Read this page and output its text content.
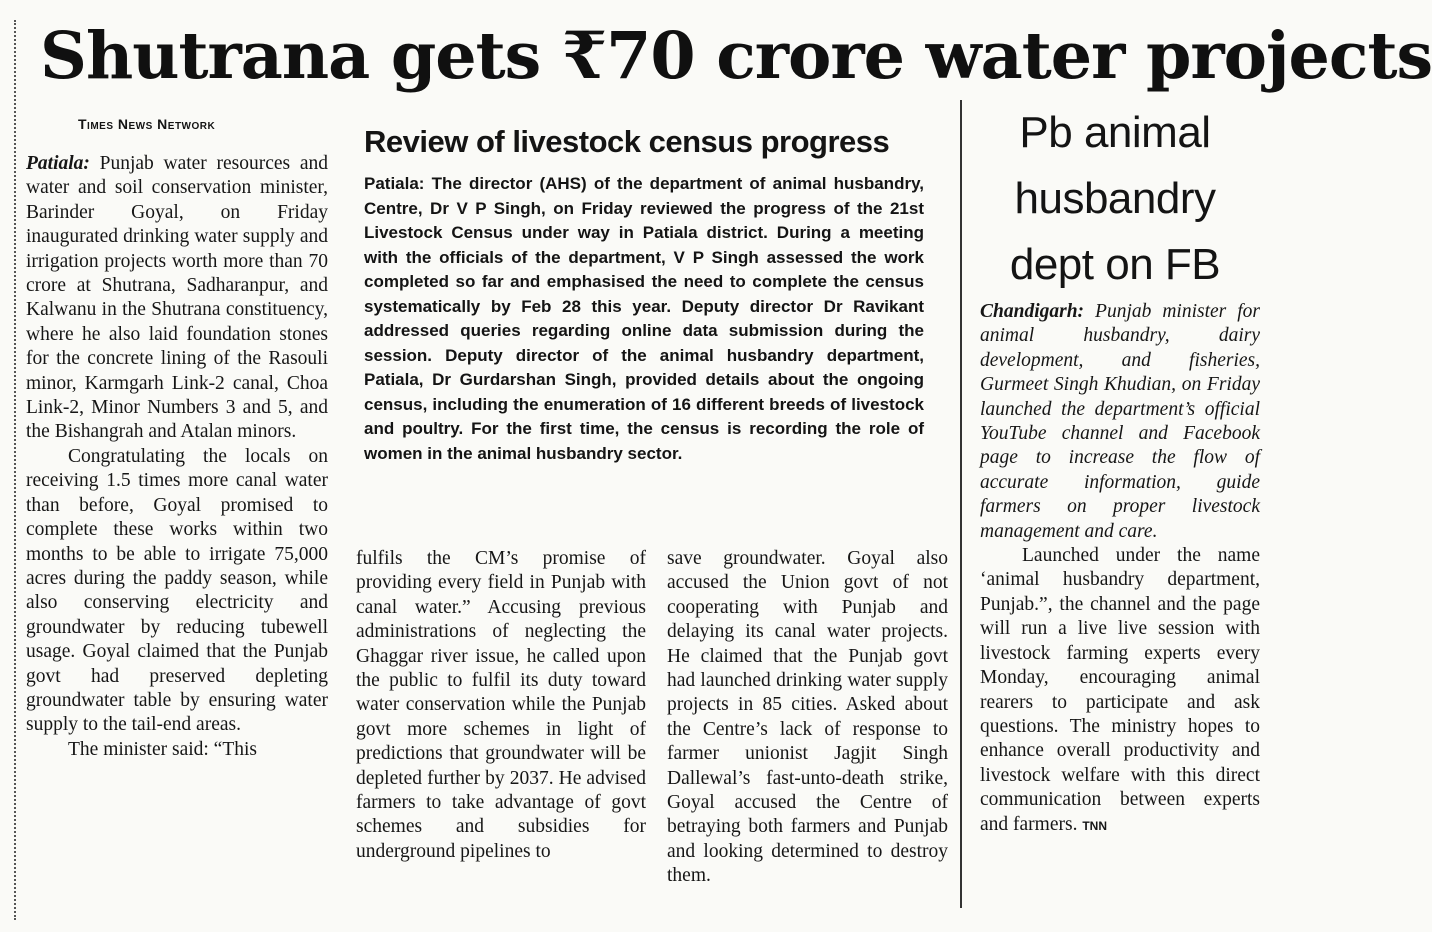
Shutrana gets ₹70 crore water projects
Times News Network

Patiala: Punjab water resources and water and soil conservation minister, Barinder Goyal, on Friday inaugurated drinking water supply and irrigation projects worth more than 70 crore at Shutrana, Sadharanpur, and Kalwanu in the Shutrana constituency, where he also laid foundation stones for the concrete lining of the Rasouli minor, Karmgarh Link-2 canal, Choa Link-2, Minor Numbers 3 and 5, and the Bishangrah and Atalan minors.

Congratulating the locals on receiving 1.5 times more canal water than before, Goyal promised to complete these works within two months to be able to irrigate 75,000 acres during the paddy season, while also conserving electricity and groundwater by reducing tubewell usage. Goyal claimed that the Punjab govt had preserved depleting groundwater table by ensuring water supply to the tail-end areas.

The minister said: “This

fulfils the CM’s promise of providing every field in Punjab with canal water.” Accusing previous administrations of neglecting the Ghaggar river issue, he called upon the public to fulfil its duty toward water conservation while the Punjab govt more schemes in light of predictions that groundwater will be depleted further by 2037. He advised farmers to take advantage of govt schemes and subsidies for underground pipelines to

save groundwater. Goyal also accused the Union govt of not cooperating with Punjab and delaying its canal water projects. He claimed that the Punjab govt had launched drinking water supply projects in 85 cities. Asked about the Centre’s lack of response to farmer unionist Jagjit Singh Dallewal’s fast-unto-death strike, Goyal accused the Centre of betraying both farmers and Punjab and looking determined to destroy them.

Review of livestock census progress
Patiala: The director (AHS) of the department of animal husbandry, Centre, Dr V P Singh, on Friday reviewed the progress of the 21st Livestock Census under way in Patiala district. During a meeting with the officials of the department, V P Singh assessed the work completed so far and emphasised the need to complete the census systematically by Feb 28 this year. Deputy director Dr Ravikant addressed queries regarding online data submission during the session. Deputy director of the animal husbandry department, Patiala, Dr Gurdarshan Singh, provided details about the ongoing census, including the enumeration of 16 different breeds of livestock and poultry. For the first time, the census is recording the role of women in the animal husbandry sector.
Pb animal
husbandry
dept on FB

Chandigarh: Punjab minister for animal husbandry, dairy development, and fisheries, Gurmeet Singh Khudian, on Friday launched the department’s official YouTube channel and Facebook page to increase the flow of accurate information, guide farmers on proper livestock management and care.

Launched under the name ‘animal husbandry department, Punjab.”, the channel and the page will run a live live session with livestock farming experts every Monday, encouraging animal rearers to participate and ask questions. The ministry hopes to enhance overall productivity and livestock welfare with this direct communication between experts and farmers. TNN
